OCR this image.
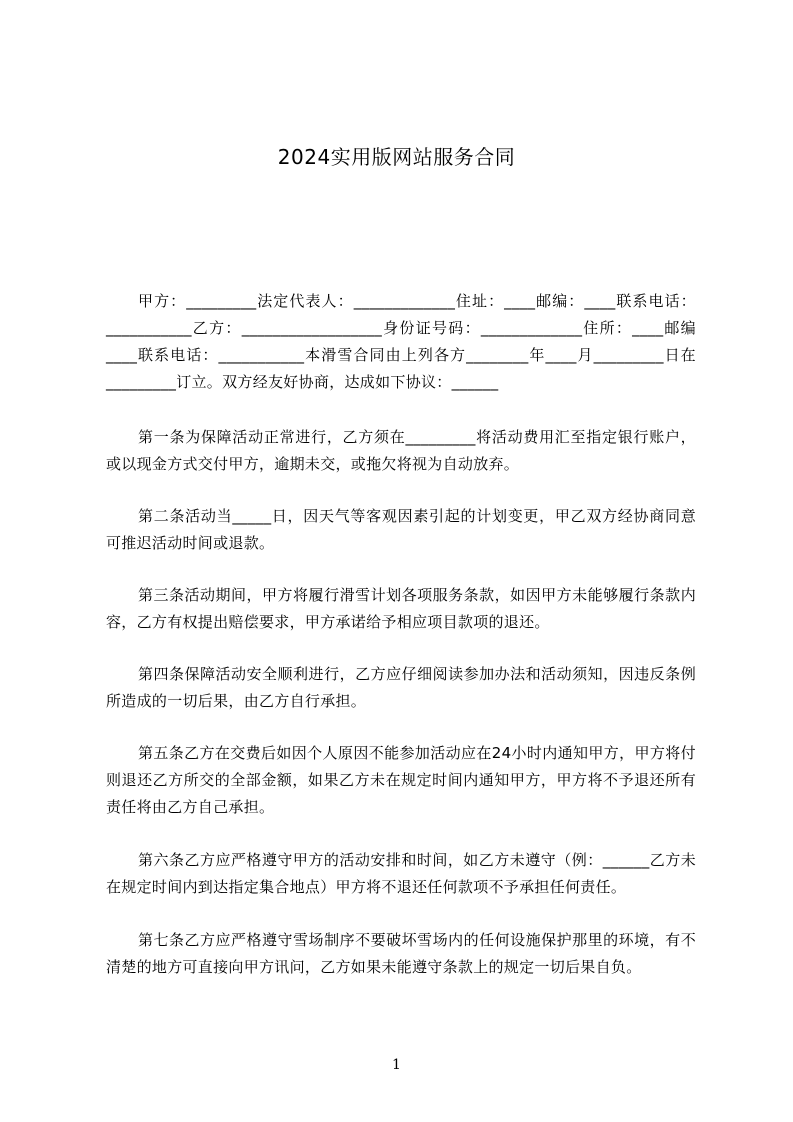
2024实用版网站服务合同

甲方：_________法定代表人：_____________住址：____邮编：____联系电话：___________乙方：__________________身份证号码：_____________住所：____邮编____联系电话：___________本滑雪合同由上列各方________年____月_________日在_________订立。双方经友好协商，达成如下协议：______

第一条为保障活动正常进行，乙方须在_________将活动费用汇至指定银行账户，或以现金方式交付甲方，逾期未交，或拖欠将视为自动放弃。

第二条活动当_____日，因天气等客观因素引起的计划变更，甲乙双方经协商同意可推迟活动时间或退款。

第三条活动期间，甲方将履行滑雪计划各项服务条款，如因甲方未能够履行条款内容，乙方有权提出赔偿要求，甲方承诺给予相应项目款项的退还。

第四条保障活动安全顺利进行，乙方应仔细阅读参加办法和活动须知，因违反条例所造成的一切后果，由乙方自行承担。

第五条乙方在交费后如因个人原因不能参加活动应在24小时内通知甲方，甲方将付则退还乙方所交的全部金额，如果乙方未在规定时间内通知甲方，甲方将不予退还所有责任将由乙方自己承担。

第六条乙方应严格遵守甲方的活动安排和时间，如乙方未遵守（例：______乙方未在规定时间内到达指定集合地点）甲方将不退还任何款项不予承担任何责任。

第七条乙方应严格遵守雪场制序不要破坏雪场内的任何设施保护那里的环境，有不清楚的地方可直接向甲方讯问，乙方如果未能遵守条款上的规定一切后果自负。

1
